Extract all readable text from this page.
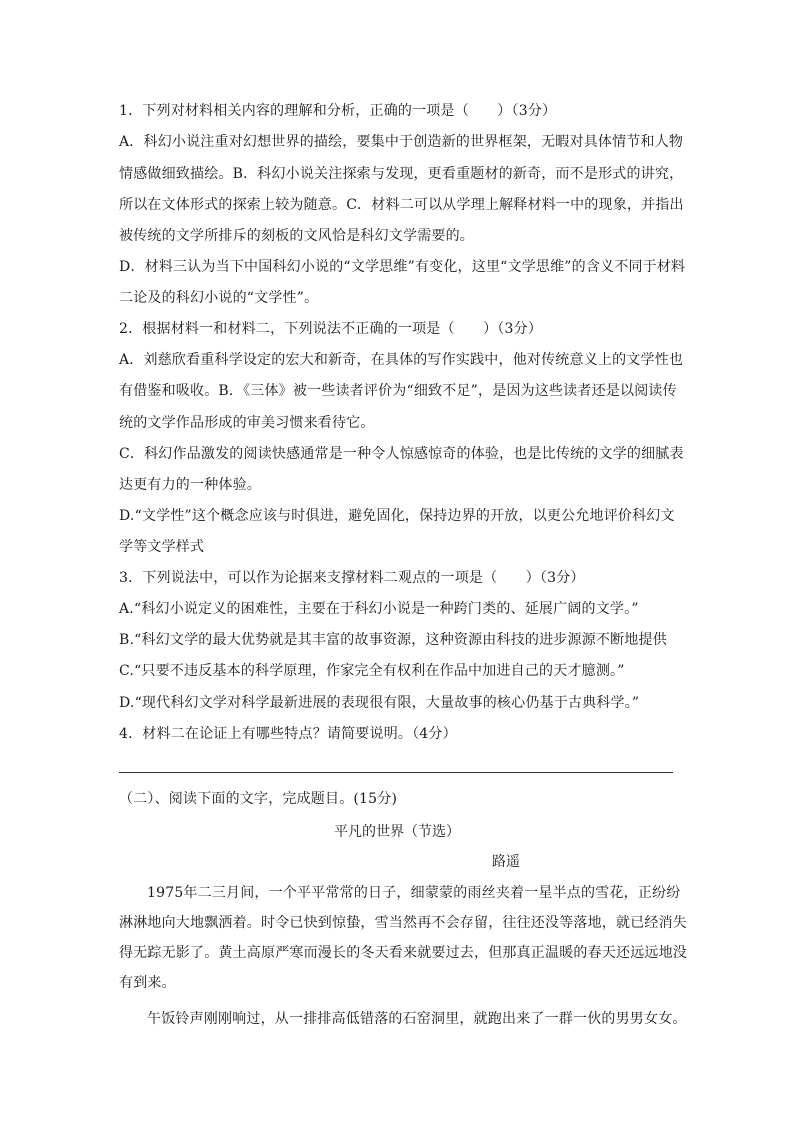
1．下列对材料相关内容的理解和分析，正确的一项是（　　）（3分）
A．科幻小说注重对幻想世界的描绘，要集中于创造新的世界框架，无暇对具体情节和人物
情感做细致描绘。B．科幻小说关注探索与发现，更看重题材的新奇，而不是形式的讲究，
所以在文体形式的探索上较为随意。C．材料二可以从学理上解释材料一中的现象，并指出
被传统的文学所排斥的刻板的文风恰是科幻文学需要的。
D．材料三认为当下中国科幻小说的“文学思维”有变化，这里“文学思维”的含义不同于材料
二论及的科幻小说的“文学性”。
2．根据材料一和材料二，下列说法不正确的一项是（　　）（3分）
A．刘慈欣看重科学设定的宏大和新奇，在具体的写作实践中，他对传统意义上的文学性也
有借鉴和吸收。B．《三体》被一些读者评价为“细致不足”，是因为这些读者还是以阅读传
统的文学作品形成的审美习惯来看待它。
C．科幻作品激发的阅读快感通常是一种令人惊感惊奇的体验，也是比传统的文学的细腻表
达更有力的一种体验。
D.“文学性”这个概念应该与时俱进，避免固化，保持边界的开放，以更公允地评价科幻文
学等文学样式
3．下列说法中，可以作为论据来支撑材料二观点的一项是（　　）（3分）
A.“科幻小说定义的困难性，主要在于科幻小说是一种跨门类的、延展广阔的文学。”
B.“科幻文学的最大优势就是其丰富的故事资源，这种资源由科技的进步源源不断地提供
C.“只要不违反基本的科学原理，作家完全有权利在作品中加进自己的天才臆测。”
D.“现代科幻文学对科学最新进展的表现很有限，大量故事的核心仍基于古典科学。”
4．材料二在论证上有哪些特点？请简要说明。（4分）
（二）、阅读下面的文字，完成题目。(15分)
平凡的世界（节选）
路遥
1975年二三月间，一个平平常常的日子，细蒙蒙的雨丝夹着一星半点的雪花，正纷纷
淋淋地向大地飘洒着。时令已快到惊蛰，雪当然再不会存留，往往还没等落地，就已经消失
得无踪无影了。黄土高原严寒而漫长的冬天看来就要过去，但那真正温暖的春天还远远地没
有到来。
午饭铃声刚刚响过，从一排排高低错落的石窑洞里，就跑出来了一群一伙的男男女女。
